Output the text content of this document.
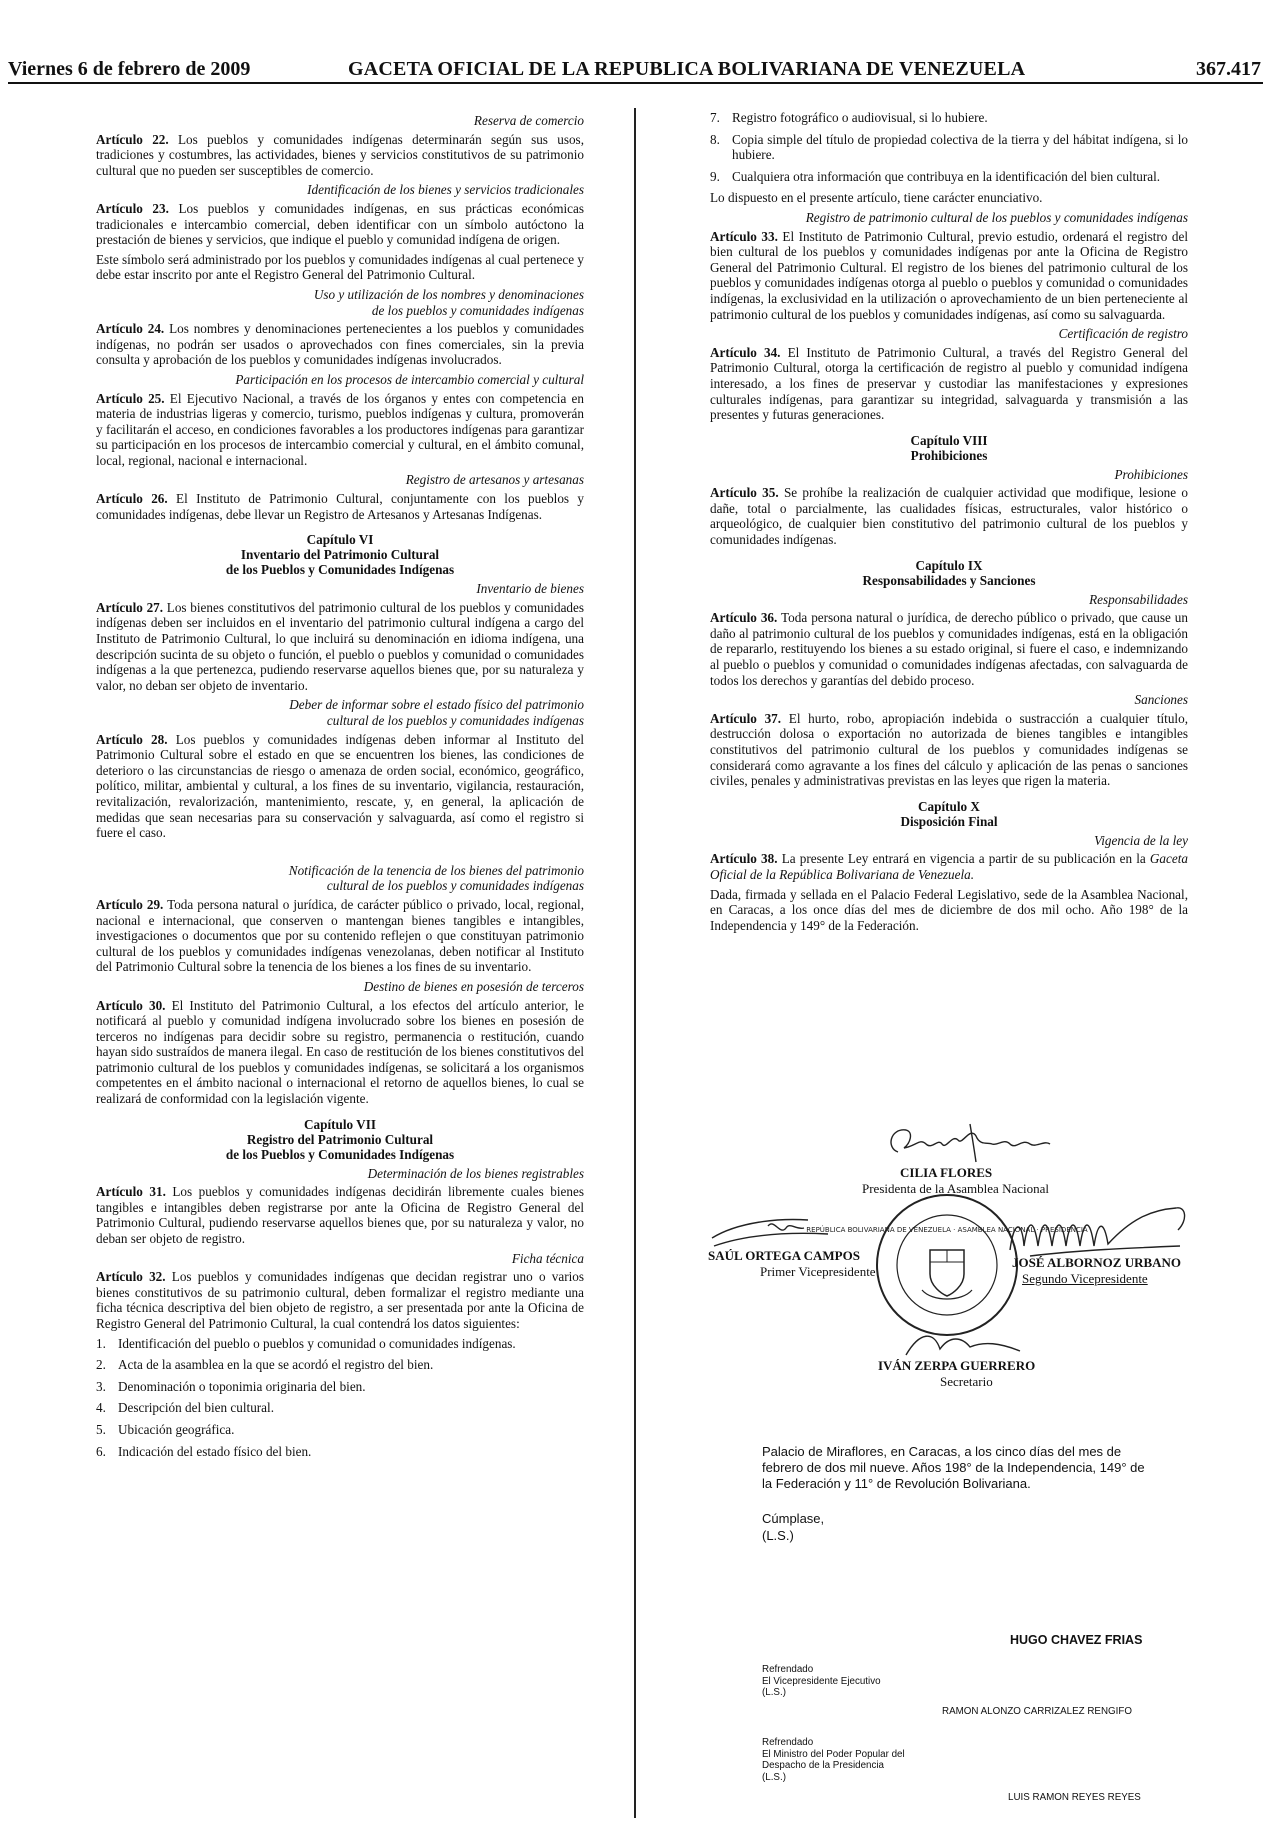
Viernes 6 de febrero de 2009	GACETA OFICIAL DE LA REPUBLICA BOLIVARIANA DE VENEZUELA	367.417
Reserva de comercio

Artículo 22. Los pueblos y comunidades indígenas determinarán según sus usos, tradiciones y costumbres, las actividades, bienes y servicios constitutivos de su patrimonio cultural que no pueden ser susceptibles de comercio.

Identificación de los bienes y servicios tradicionales

Artículo 23. Los pueblos y comunidades indígenas, en sus prácticas económicas tradicionales e intercambio comercial, deben identificar con un símbolo autóctono la prestación de bienes y servicios, que indique el pueblo y comunidad indígena de origen.

Este símbolo será administrado por los pueblos y comunidades indígenas al cual pertenece y debe estar inscrito por ante el Registro General del Patrimonio Cultural.

Uso y utilización de los nombres y denominaciones
de los pueblos y comunidades indígenas

Artículo 24. Los nombres y denominaciones pertenecientes a los pueblos y comunidades indígenas, no podrán ser usados o aprovechados con fines comerciales, sin la previa consulta y aprobación de los pueblos y comunidades indígenas involucrados.

Participación en los procesos de intercambio comercial y cultural

Artículo 25. El Ejecutivo Nacional, a través de los órganos y entes con competencia en materia de industrias ligeras y comercio, turismo, pueblos indígenas y cultura, promoverán y facilitarán el acceso, en condiciones favorables a los productores indígenas para garantizar su participación en los procesos de intercambio comercial y cultural, en el ámbito comunal, local, regional, nacional e internacional.

Registro de artesanos y artesanas

Artículo 26. El Instituto de Patrimonio Cultural, conjuntamente con los pueblos y comunidades indígenas, debe llevar un Registro de Artesanos y Artesanas Indígenas.

Capítulo VI
Inventario del Patrimonio Cultural
de los Pueblos y Comunidades Indígenas
Inventario de bienes

Artículo 27. Los bienes constitutivos del patrimonio cultural de los pueblos y comunidades indígenas deben ser incluidos en el inventario del patrimonio cultural indígena a cargo del Instituto de Patrimonio Cultural, lo que incluirá su denominación en idioma indígena, una descripción sucinta de su objeto o función, el pueblo o pueblos y comunidad o comunidades indígenas a la que pertenezca, pudiendo reservarse aquellos bienes que, por su naturaleza y valor, no deban ser objeto de inventario.

Deber de informar sobre el estado físico del patrimonio
cultural de los pueblos y comunidades indígenas

Artículo 28. Los pueblos y comunidades indígenas deben informar al Instituto del Patrimonio Cultural sobre el estado en que se encuentren los bienes, las condiciones de deterioro o las circunstancias de riesgo o amenaza de orden social, económico, geográfico, político, militar, ambiental y cultural, a los fines de su inventario, vigilancia, restauración, revitalización, revalorización, mantenimiento, rescate, y, en general, la aplicación de medidas que sean necesarias para su conservación y salvaguarda, así como el registro si fuere el caso.

Notificación de la tenencia de los bienes del patrimonio
cultural de los pueblos y comunidades indígenas

Artículo 29. Toda persona natural o jurídica, de carácter público o privado, local, regional, nacional e internacional, que conserven o mantengan bienes tangibles e intangibles, investigaciones o documentos que por su contenido reflejen o que constituyan patrimonio cultural de los pueblos y comunidades indígenas venezolanas, deben notificar al Instituto del Patrimonio Cultural sobre la tenencia de los bienes a los fines de su inventario.

Destino de bienes en posesión de terceros

Artículo 30. El Instituto del Patrimonio Cultural, a los efectos del artículo anterior, le notificará al pueblo y comunidad indígena involucrado sobre los bienes en posesión de terceros no indígenas para decidir sobre su registro, permanencia o restitución, cuando hayan sido sustraídos de manera ilegal. En caso de restitución de los bienes constitutivos del patrimonio cultural de los pueblos y comunidades indígenas, se solicitará a los organismos competentes en el ámbito nacional o internacional el retorno de aquellos bienes, lo cual se realizará de conformidad con la legislación vigente.

Capítulo VII
Registro del Patrimonio Cultural
de los Pueblos y Comunidades Indígenas
Determinación de los bienes registrables

Artículo 31. Los pueblos y comunidades indígenas decidirán libremente cuales bienes tangibles e intangibles deben registrarse por ante la Oficina de Registro General del Patrimonio Cultural, pudiendo reservarse aquellos bienes que, por su naturaleza y valor, no deban ser objeto de registro.

Ficha técnica

Artículo 32. Los pueblos y comunidades indígenas que decidan registrar uno o varios bienes constitutivos de su patrimonio cultural, deben formalizar el registro mediante una ficha técnica descriptiva del bien objeto de registro, a ser presentada por ante la Oficina de Registro General del Patrimonio Cultural, la cual contendrá los datos siguientes:

1. Identificación del pueblo o pueblos y comunidad o comunidades indígenas.
2. Acta de la asamblea en la que se acordó el registro del bien.
3. Denominación o toponimia originaria del bien.
4. Descripción del bien cultural.
5. Ubicación geográfica.
6. Indicación del estado físico del bien.
7. Registro fotográfico o audiovisual, si lo hubiere.
8. Copia simple del título de propiedad colectiva de la tierra y del hábitat indígena, si lo hubiere.
9. Cualquiera otra información que contribuya en la identificación del bien cultural.

Lo dispuesto en el presente artículo, tiene carácter enunciativo.

Registro de patrimonio cultural de los pueblos y comunidades indígenas

Artículo 33. El Instituto de Patrimonio Cultural, previo estudio, ordenará el registro del bien cultural de los pueblos y comunidades indígenas por ante la Oficina de Registro General del Patrimonio Cultural. El registro de los bienes del patrimonio cultural de los pueblos y comunidades indígenas otorga al pueblo o pueblos y comunidad o comunidades indígenas, la exclusividad en la utilización o aprovechamiento de un bien perteneciente al patrimonio cultural de los pueblos y comunidades indígenas, así como su salvaguarda.

Certificación de registro

Artículo 34. El Instituto de Patrimonio Cultural, a través del Registro General del Patrimonio Cultural, otorga la certificación de registro al pueblo y comunidad indígena interesado, a los fines de preservar y custodiar las manifestaciones y expresiones culturales indígenas, para garantizar su integridad, salvaguarda y transmisión a las presentes y futuras generaciones.

Capítulo VIII
Prohibiciones
Prohibiciones

Artículo 35. Se prohíbe la realización de cualquier actividad que modifique, lesione o dañe, total o parcialmente, las cualidades físicas, estructurales, valor histórico o arqueológico, de cualquier bien constitutivo del patrimonio cultural de los pueblos y comunidades indígenas.

Capítulo IX
Responsabilidades y Sanciones
Responsabilidades

Artículo 36. Toda persona natural o jurídica, de derecho público o privado, que cause un daño al patrimonio cultural de los pueblos y comunidades indígenas, está en la obligación de repararlo, restituyendo los bienes a su estado original, si fuere el caso, e indemnizando al pueblo o pueblos y comunidad o comunidades indígenas afectadas, con salvaguarda de todos los derechos y garantías del debido proceso.

Sanciones

Artículo 37. El hurto, robo, apropiación indebida o sustracción a cualquier título, destrucción dolosa o exportación no autorizada de bienes tangibles e intangibles constitutivos del patrimonio cultural de los pueblos y comunidades indígenas se considerará como agravante a los fines del cálculo y aplicación de las penas o sanciones civiles, penales y administrativas previstas en las leyes que rigen la materia.

Capítulo X
Disposición Final
Vigencia de la ley

Artículo 38. La presente Ley entrará en vigencia a partir de su publicación en la Gaceta Oficial de la República Bolivariana de Venezuela.

Dada, firmada y sellada en el Palacio Federal Legislativo, sede de la Asamblea Nacional, en Caracas, a los once días del mes de diciembre de dos mil ocho. Año 198° de la Independencia y 149° de la Federación.

CILIA FLORES
Presidenta de la Asamblea Nacional
SAÚL ORTEGA CAMPOS
Primer Vicepresidente
REPÚBLICA BOLIVARIANA DE VENEZUELA · ASAMBLEA NACIONAL · PRESIDENCIA
JOSÉ ALBORNOZ URBANO
Segundo Vicepresidente
IVÁN ZERPA GUERRERO
Secretario
Palacio de Miraflores, en Caracas, a los cinco días del mes de febrero de dos mil nueve. Años 198° de la Independencia, 149° de la Federación y 11° de Revolución Bolivariana.
Cúmplase,
(L.S.)
HUGO CHAVEZ FRIAS
Refrendado
El Vicepresidente Ejecutivo
(L.S.)
RAMON ALONZO CARRIZALEZ RENGIFO
Refrendado
El Ministro del Poder Popular del
Despacho de la Presidencia
(L.S.)
LUIS RAMON REYES REYES
